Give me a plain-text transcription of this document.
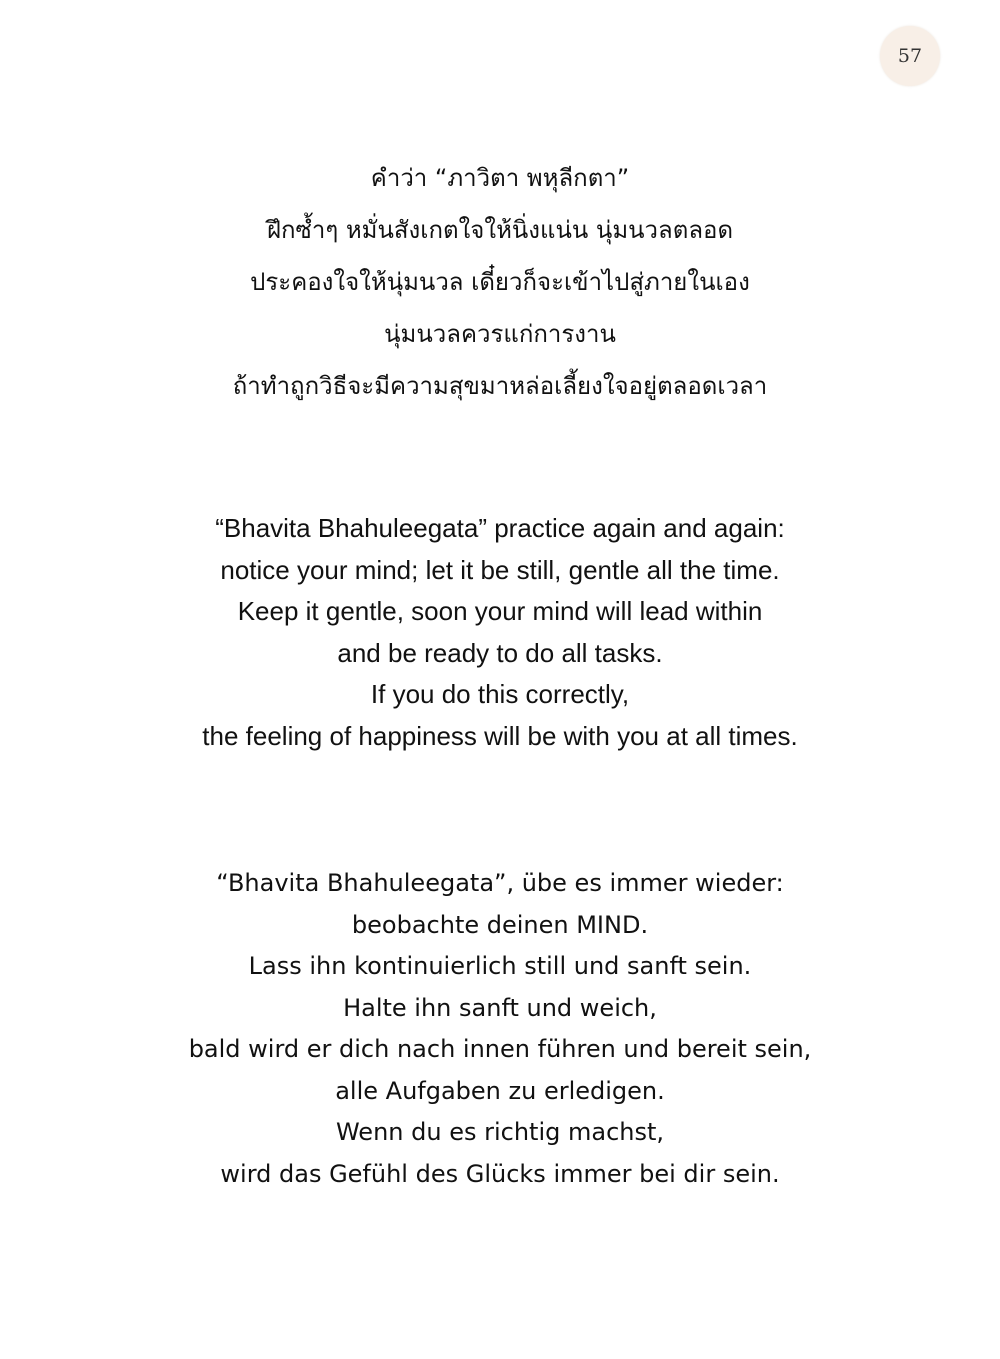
57
คำว่า “ภาวิตา พหุลีกตา”
ฝึกซ้ำๆ หมั่นสังเกตใจให้นิ่งแน่น นุ่มนวลตลอด
ประคองใจให้นุ่มนวล เดี๋ยวก็จะเข้าไปสู่ภายในเอง
นุ่มนวลควรแก่การงาน
ถ้าทำถูกวิธีจะมีความสุขมาหล่อเลี้ยงใจอยู่ตลอดเวลา
“Bhavita Bhahuleegata” practice again and again:
notice your mind; let it be still, gentle all the time.
Keep it gentle, soon your mind will lead within
and be ready to do all tasks.
If you do this correctly,
the feeling of happiness will be with you at all times.
“Bhavita Bhahuleegata”, übe es immer wieder:
beobachte deinen MIND.
Lass ihn kontinuierlich still und sanft sein.
Halte ihn sanft und weich,
bald wird er dich nach innen führen und bereit sein,
alle Aufgaben zu erledigen.
Wenn du es richtig machst,
wird das Gefühl des Glücks immer bei dir sein.
